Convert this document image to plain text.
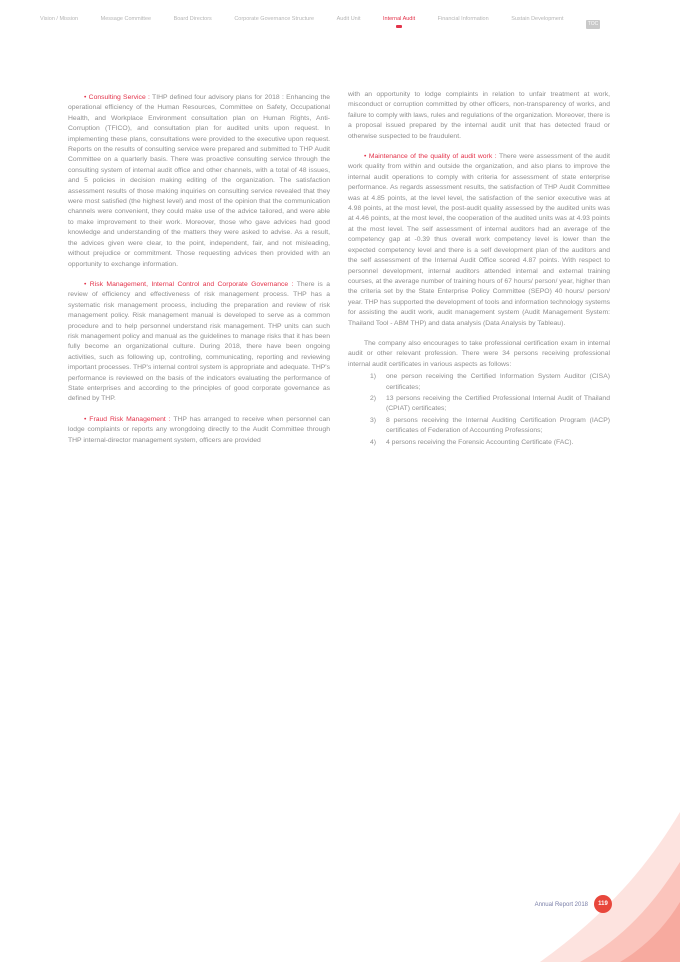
Vision / Mission	Message Committee	Board Directors	Corporate Governance Structure	Audit Unit	Internal Audit	Financial Information	Sustain Development
TOC

• Consulting Service : TIHP defined four advisory plans for 2018 : Enhancing the operational efficiency of the Human Resources, Committee on Safety, Occupational Health, and Workplace Environment consultation plan on Human Rights, Anti-Corruption (TFICO), and consultation plan for audited units upon request. In implementing these plans, consultations were provided to the executive upon request. Reports on the results of consulting service were prepared and submitted to THP Audit Committee on a quarterly basis. There was proactive consulting service through the consulting system of internal audit office and other channels, with a total of 48 issues, and 5 policies in decision making editing of the organization. The satisfaction assessment results of those making inquiries on consulting service revealed that they were most satisfied (the highest level) and most of the opinion that the communication channels were convenient, they could make use of the advice tailored, and were able to make improvement to their work. Moreover, those who gave advices had good knowledge and understanding of the matters they were asked to advise. As a result, the advices given were clear, to the point, independent, fair, and not misleading, without prejudice or commitment. Those requesting advices then provided with an opportunity to exchange information.

• Risk Management, Internal Control and Corporate Governance : There is a review of efficiency and effectiveness of risk management process. THP has a systematic risk management process, including the preparation and review of risk management policy. Risk management manual is developed to serve as a common procedure and to help personnel understand risk management. THP units can such risk management policy and manual as the guidelines to manage risks that it has been fully become an organizational culture. During 2018, there have been ongoing activities, such as following up, controlling, communicating, reporting and reviewing important processes. THP's internal control system is appropriate and adequate. THP's performance is reviewed on the basis of the indicators evaluating the performance of State enterprises and according to the principles of good corporate governance as defined by THP.

• Fraud Risk Management : THP has arranged to receive when personnel can lodge complaints or reports any wrongdoing directly to the Audit Committee through THP internal-director management system, officers are provided

with an opportunity to lodge complaints in relation to unfair treatment at work, misconduct or corruption committed by other officers, non-transparency of works, and failure to comply with laws, rules and regulations of the organization. Moreover, there is a proposal issued prepared by the internal audit unit that has detected fraud or otherwise suspected to be fraudulent.

• Maintenance of the quality of audit work : There were assessment of the audit work quality from within and outside the organization, and also plans to improve the internal audit operations to comply with criteria for assessment of state enterprise performance. As regards assessment results, the satisfaction of THP Audit Committee was at 4.85 points, at the level level, the satisfaction of the senior executive was at 4.98 points, at the most level, the post-audit quality assessed by the audited units was at 4.46 points, at the most level, the cooperation of the audited units was at 4.93 points at the most level. The self assessment of internal auditors had an average of the competency gap at -0.39 thus overall work competency level is lower than the expected competency level and there is a self development plan of the auditors and the self assessment of the Internal Audit Office scored 4.87 points. With respect to personnel development, internal auditors attended internal and external training courses, at the average number of training hours of 67 hours/ person/ year, higher than the criteria set by the State Enterprise Policy Committee (SEPO) 40 hours/ person/ year. THP has supported the development of tools and information technology systems for assisting the audit work, audit management system (Audit Management System: Thailand Tool - ABM THP) and data analysis (Data Analysis by Tableau).

The company also encourages to take professional certification exam in internal audit or other relevant profession. There were 34 persons receiving professional internal audit certificates in various aspects as follows:

1) one person receiving the Certified Information System Auditor (CISA) certificates;
2) 13 persons receiving the Certified Professional Internal Audit of Thailand (CPIAT) certificates;
3) 8 persons receiving the Internal Auditing Certification Program (IACP) certificates of Federation of Accounting Professions;
4) 4 persons receiving the Forensic Accounting Certificate (FAC).
Annual Report 2018	119
